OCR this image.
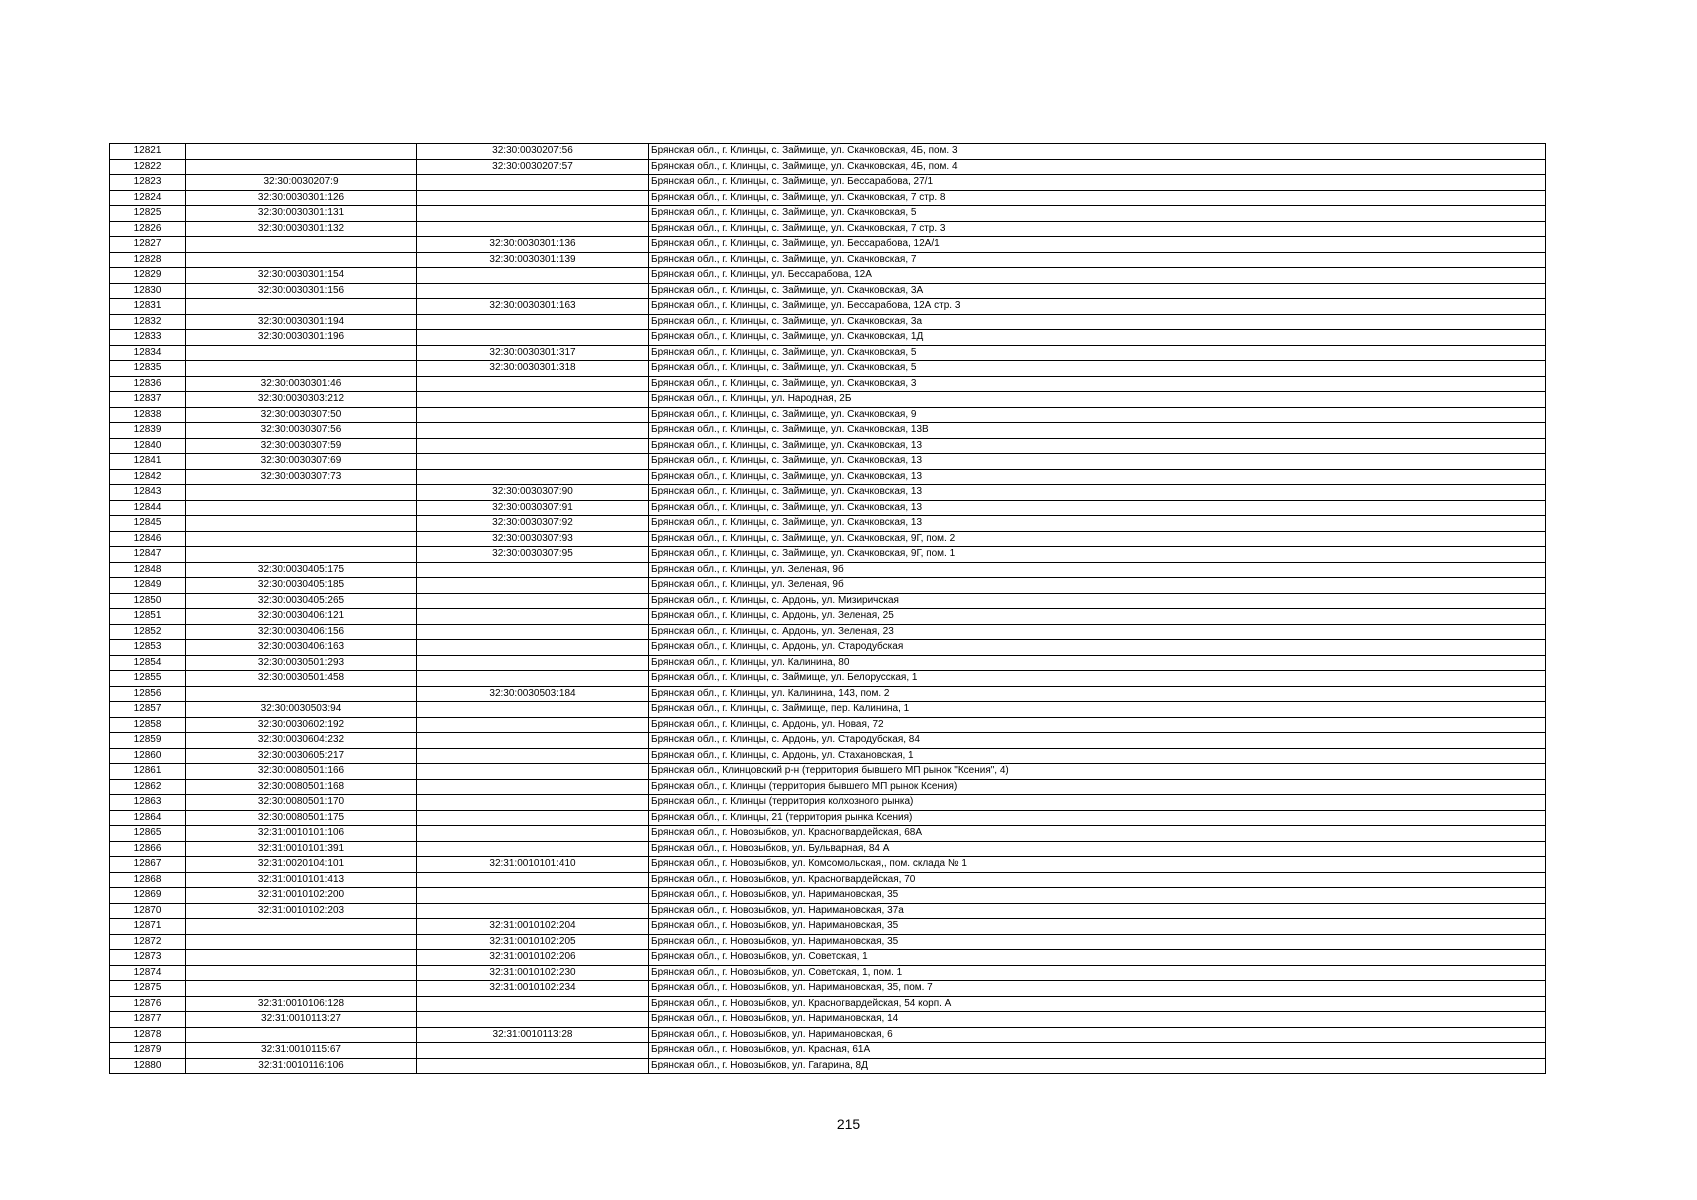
12821		32:30:0030207:56	Брянская обл., г. Клинцы, с. Займище, ул. Скачковская, 4Б, пом. 3
12822		32:30:0030207:57	Брянская обл., г. Клинцы, с. Займище, ул. Скачковская, 4Б, пом. 4
12823	32:30:0030207:9		Брянская обл., г. Клинцы, с. Займище, ул. Бессарабова, 27/1
12824	32:30:0030301:126		Брянская обл., г. Клинцы, с. Займище, ул. Скачковская, 7 стр. 8
12825	32:30:0030301:131		Брянская обл., г. Клинцы, с. Займище, ул. Скачковская, 5
12826	32:30:0030301:132		Брянская обл., г. Клинцы, с. Займище, ул. Скачковская, 7 стр. 3
12827		32:30:0030301:136	Брянская обл., г. Клинцы, с. Займище, ул. Бессарабова, 12А/1
12828		32:30:0030301:139	Брянская обл., г. Клинцы, с. Займище, ул. Скачковская, 7
12829	32:30:0030301:154		Брянская обл., г. Клинцы, ул. Бессарабова, 12А
12830	32:30:0030301:156		Брянская обл., г. Клинцы, с. Займище, ул. Скачковская, 3А
12831		32:30:0030301:163	Брянская обл., г. Клинцы, с. Займище, ул. Бессарабова, 12А стр. 3
12832	32:30:0030301:194		Брянская обл., г. Клинцы, с. Займище, ул. Скачковская, 3а
12833	32:30:0030301:196		Брянская обл., г. Клинцы, с. Займище, ул. Скачковская, 1Д
12834		32:30:0030301:317	Брянская обл., г. Клинцы, с. Займище, ул. Скачковская, 5
12835		32:30:0030301:318	Брянская обл., г. Клинцы, с. Займище, ул. Скачковская, 5
12836	32:30:0030301:46		Брянская обл., г. Клинцы, с. Займище, ул. Скачковская, 3
12837	32:30:0030303:212		Брянская обл., г. Клинцы, ул. Народная, 2Б
12838	32:30:0030307:50		Брянская обл., г. Клинцы, с. Займище, ул. Скачковская, 9
12839	32:30:0030307:56		Брянская обл., г. Клинцы, с. Займище, ул. Скачковская, 13В
12840	32:30:0030307:59		Брянская обл., г. Клинцы, с. Займище, ул. Скачковская, 13
12841	32:30:0030307:69		Брянская обл., г. Клинцы, с. Займище, ул. Скачковская, 13
12842	32:30:0030307:73		Брянская обл., г. Клинцы, с. Займище, ул. Скачковская, 13
12843		32:30:0030307:90	Брянская обл., г. Клинцы, с. Займище, ул. Скачковская, 13
12844		32:30:0030307:91	Брянская обл., г. Клинцы, с. Займище, ул. Скачковская, 13
12845		32:30:0030307:92	Брянская обл., г. Клинцы, с. Займище, ул. Скачковская, 13
12846		32:30:0030307:93	Брянская обл., г. Клинцы, с. Займище, ул. Скачковская, 9Г, пом. 2
12847		32:30:0030307:95	Брянская обл., г. Клинцы, с. Займище, ул. Скачковская, 9Г, пом. 1
12848	32:30:0030405:175		Брянская обл., г. Клинцы, ул. Зеленая, 9б
12849	32:30:0030405:185		Брянская обл., г. Клинцы, ул. Зеленая, 9б
12850	32:30:0030405:265		Брянская обл., г. Клинцы, с. Ардонь, ул. Мизиричская
12851	32:30:0030406:121		Брянская обл., г. Клинцы, с. Ардонь, ул. Зеленая, 25
12852	32:30:0030406:156		Брянская обл., г. Клинцы, с. Ардонь, ул. Зеленая, 23
12853	32:30:0030406:163		Брянская обл., г. Клинцы, с. Ардонь, ул. Стародубская
12854	32:30:0030501:293		Брянская обл., г. Клинцы, ул. Калинина, 80
12855	32:30:0030501:458		Брянская обл., г. Клинцы, с. Займище, ул. Белорусская, 1
12856		32:30:0030503:184	Брянская обл., г. Клинцы, ул. Калинина, 143, пом. 2
12857	32:30:0030503:94		Брянская обл., г. Клинцы, с. Займище, пер. Калинина, 1
12858	32:30:0030602:192		Брянская обл., г. Клинцы, с. Ардонь, ул. Новая, 72
12859	32:30:0030604:232		Брянская обл., г. Клинцы, с. Ардонь, ул. Стародубская, 84
12860	32:30:0030605:217		Брянская обл., г. Клинцы, с. Ардонь, ул. Стахановская, 1
12861	32:30:0080501:166		Брянская обл., Клинцовский р-н (территория бывшего МП рынок "Ксения", 4)
12862	32:30:0080501:168		Брянская обл., г. Клинцы (территория бывшего МП рынок Ксения)
12863	32:30:0080501:170		Брянская обл., г. Клинцы (территория колхозного рынка)
12864	32:30:0080501:175		Брянская обл., г. Клинцы, 21 (территория рынка Ксения)
12865	32:31:0010101:106		Брянская обл., г. Новозыбков, ул. Красногвардейская, 68А
12866	32:31:0010101:391		Брянская обл., г. Новозыбков, ул. Бульварная, 84 А
12867	32:31:0020104:101	32:31:0010101:410	Брянская обл., г. Новозыбков, ул. Комсомольская,, пом. склада № 1
12868	32:31:0010101:413		Брянская обл., г. Новозыбков, ул. Красногвардейская, 70
12869	32:31:0010102:200		Брянская обл., г. Новозыбков, ул. Наримановская, 35
12870	32:31:0010102:203		Брянская обл., г. Новозыбков, ул. Наримановская, 37а
12871		32:31:0010102:204	Брянская обл., г. Новозыбков, ул. Наримановская, 35
12872		32:31:0010102:205	Брянская обл., г. Новозыбков, ул. Наримановская, 35
12873		32:31:0010102:206	Брянская обл., г. Новозыбков, ул. Советская, 1
12874		32:31:0010102:230	Брянская обл., г. Новозыбков, ул. Советская, 1, пом. 1
12875		32:31:0010102:234	Брянская обл., г. Новозыбков, ул. Наримановская, 35, пом. 7
12876	32:31:0010106:128		Брянская обл., г. Новозыбков, ул. Красногвардейская, 54 корп. А
12877	32:31:0010113:27		Брянская обл., г. Новозыбков, ул. Наримановская, 14
12878		32:31:0010113:28	Брянская обл., г. Новозыбков, ул. Наримановская, 6
12879	32:31:0010115:67		Брянская обл., г. Новозыбков, ул. Красная, 61А
12880	32:31:0010116:106		Брянская обл., г. Новозыбков, ул. Гагарина, 8Д
215
